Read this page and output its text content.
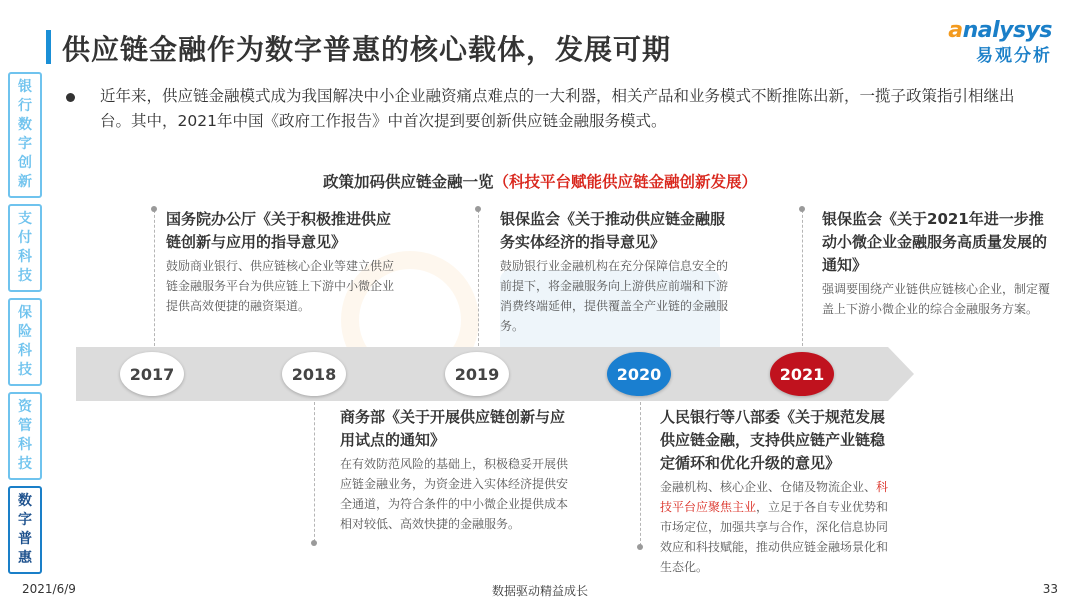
供应链金融作为数字普惠的核心载体，发展可期
analysys
易观分析
银
行
数
字
创
新
支
付
科
技
保
险
科
技
资
管
科
技
数
字
普
惠
近年来，供应链金融模式成为我国解决中小企业融资痛点难点的一大利器，相关产品和业务模式不断推陈出新，一揽子政策指引相继出台。其中，2021年中国《政府工作报告》中首次提到要创新供应链金融服务模式。
政策加码供应链金融一览（科技平台赋能供应链金融创新发展）
2017	2018	2019	2020	2021
国务院办公厅《关于积极推进供应链创新与应用的指导意见》
鼓励商业银行、供应链核心企业等建立供应链金融服务平台为供应链上下游中小微企业提供高效便捷的融资渠道。
商务部《关于开展供应链创新与应用试点的通知》
在有效防范风险的基础上，积极稳妥开展供应链金融业务，为资金进入实体经济提供安全通道，为符合条件的中小微企业提供成本相对较低、高效快捷的金融服务。
银保监会《关于推动供应链金融服务实体经济的指导意见》
鼓励银行业金融机构在充分保障信息安全的前提下，将金融服务向上游供应前端和下游消费终端延伸，提供覆盖全产业链的金融服务。
人民银行等八部委《关于规范发展供应链金融，支持供应链产业链稳定循环和优化升级的意见》
金融机构、核心企业、仓储及物流企业、科技平台应聚焦主业，立足于各自专业优势和市场定位，加强共享与合作，深化信息协同效应和科技赋能，推动供应链金融场景化和生态化。
银保监会《关于2021年进一步推动小微企业金融服务高质量发展的通知》
强调要围绕产业链供应链核心企业，制定覆盖上下游小微企业的综合金融服务方案。
2021/6/9	数据驱动精益成长	33
